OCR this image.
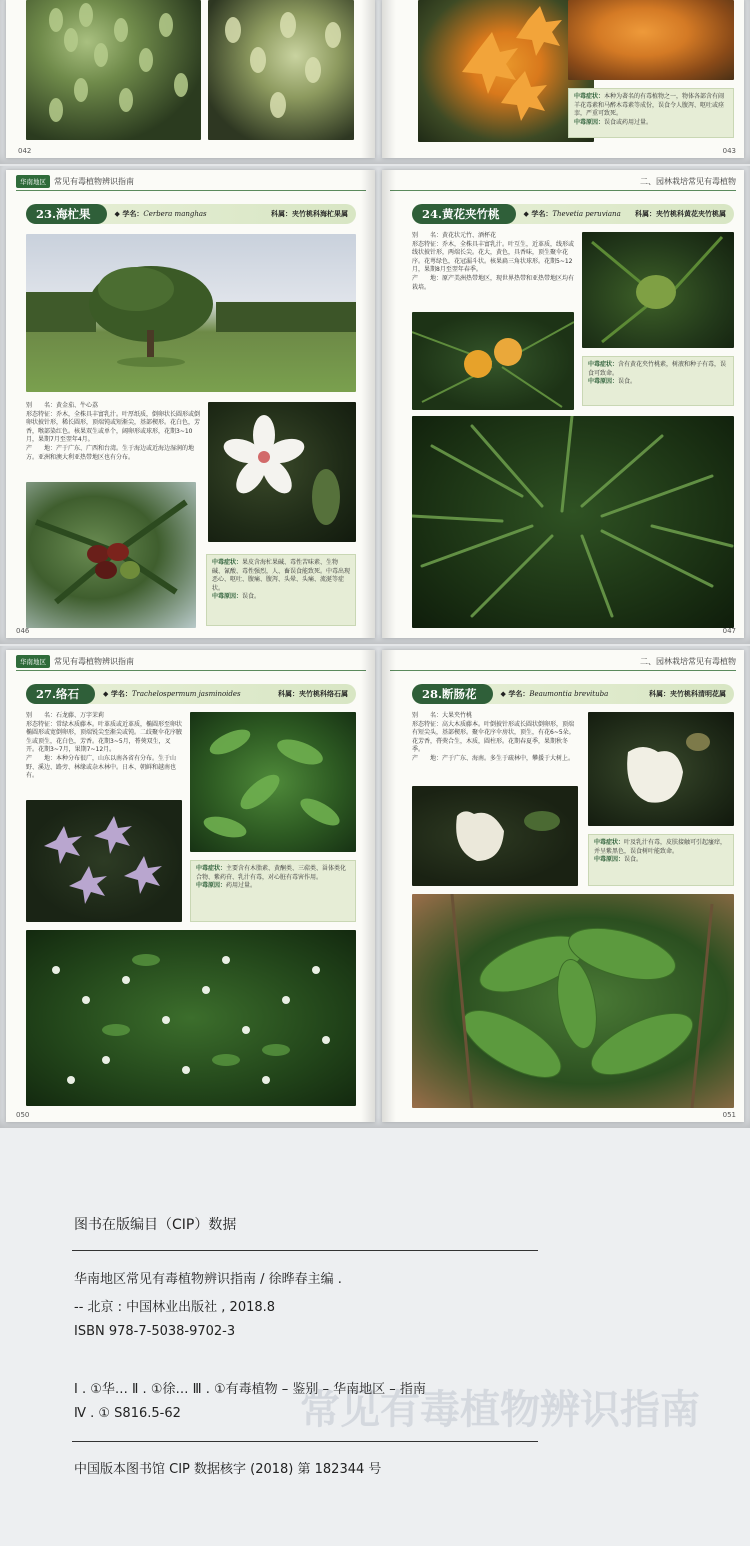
042
中毒症状：本种为著名的有毒植物之一，物体各部含有闹羊花毒素和马醉木毒素等成份，误食令人腹泻、呕吐或痉挛，严重可致死。
中毒原因：误食或药用过量。
043
华南地区	常见有毒植物辨识指南
23.海杧果	◆ 学名：Cerbera manghas	科属：夹竹桃科海杧果属

别　　名：黄金茄、牛心荔

形态特征：乔木，全株具丰富乳汁。叶厚纸质，倒卵状长圆形或倒卵状披针形，稀长圆形，顶端钝或短渐尖，基部楔形。花白色，芳香，喉部染红色。核果双生或单个，阔卵形或球形，花期3~10月，果期7月至翌年4月。

产　　地：产于广东、广西和台湾。生于海边或近海边湿润的地方。亚洲和澳大利亚热带地区也有分布。

中毒症状：果皮含海杧果碱、毒性苦味素、生物碱、氰酸、毒性强烈，人、畜误食能致死。中毒出现恶心、呕吐、腹痛、腹泻、头晕、头痛、流涎等症状。
中毒原因：误食。
046
二、园林栽培常见有毒植物
24.黄花夹竹桃	◆ 学名：Thevetia peruviana 科属：夹竹桃科黄花夹竹桃属

别　　名：黄花状元竹、酒杯花

形态特征：乔木，全株具丰富乳汁。叶互生，近革质，线形或线状披针形，两端长尖。花大，黄色，具香味，顶生聚伞花序。花萼绿色，花冠漏斗状。核果扁三角状球形。花期5~12月，果期8月至翌年春季。

产　　地：原产美洲热带地区，现世界热带和亚热带地区均有栽培。

中毒症状：含有黄花夹竹桃素，树液和种子有毒，误食可致命。
中毒原因：误食。
047
华南地区	常见有毒植物辨识指南
27.络石	◆ 学名：Trachelospermum jasminoides	科属：夹竹桃科络石属

别　　名：石龙藤、万字茉莉

形态特征：常绿木质藤本。叶革质或近革质，椭圆形至卵状椭圆形或宽倒卵形，顶端锐尖至渐尖或钝。二歧聚伞花序腋生或顶生，花白色，芳香。花期3~5月，蓇葖双生，叉开。花期3~7月，果期7~12月。

产　　地：本种分布很广，山东以南各省有分布。生于山野、溪边、路旁、林缘或杂木林中。日本、朝鲜和越南也有。

中毒症状：主要含有木脂素、黄酮类、三萜类、甾体类化合物、紫药苷、乳汁有毒，对心脏有毒害作用。
中毒原因：药用过量。
050
二、园林栽培常见有毒植物
28.断肠花	◆ 学名：Beaumontia brevituba	科属：夹竹桃科清明花属

别　　名：大果夹竹桃

形态特征：高大木质藤本。叶倒披针形或长圆状倒卵形，顶端有短尖头，基部楔形。聚伞花序伞房状，顶生，有花6~5朵。花芳香，蓇葖合生，木质，圆柱形。花期春夏季，果期秋冬季。

产　　地：产于广东、海南。多生于疏林中，攀援于大树上。

中毒症状：叶及乳汁有毒，皮肤接触可引起瘙痒，并呈紫黑色，误食树叶能致命。
中毒原因：误食。
051
常见有毒植物辨识指南
图书在版编目（CIP）数据
华南地区常见有毒植物辨识指南 / 徐晔春主编 .
-- 北京 : 中国林业出版社 , 2018.8
ISBN 978-7-5038-9702-3
Ⅰ . ①华… Ⅱ . ①徐… Ⅲ . ①有毒植物 – 鉴别 – 华南地区 – 指南
Ⅳ . ① S816.5-62
中国版本图书馆 CIP 数据核字 (2018) 第 182344 号
